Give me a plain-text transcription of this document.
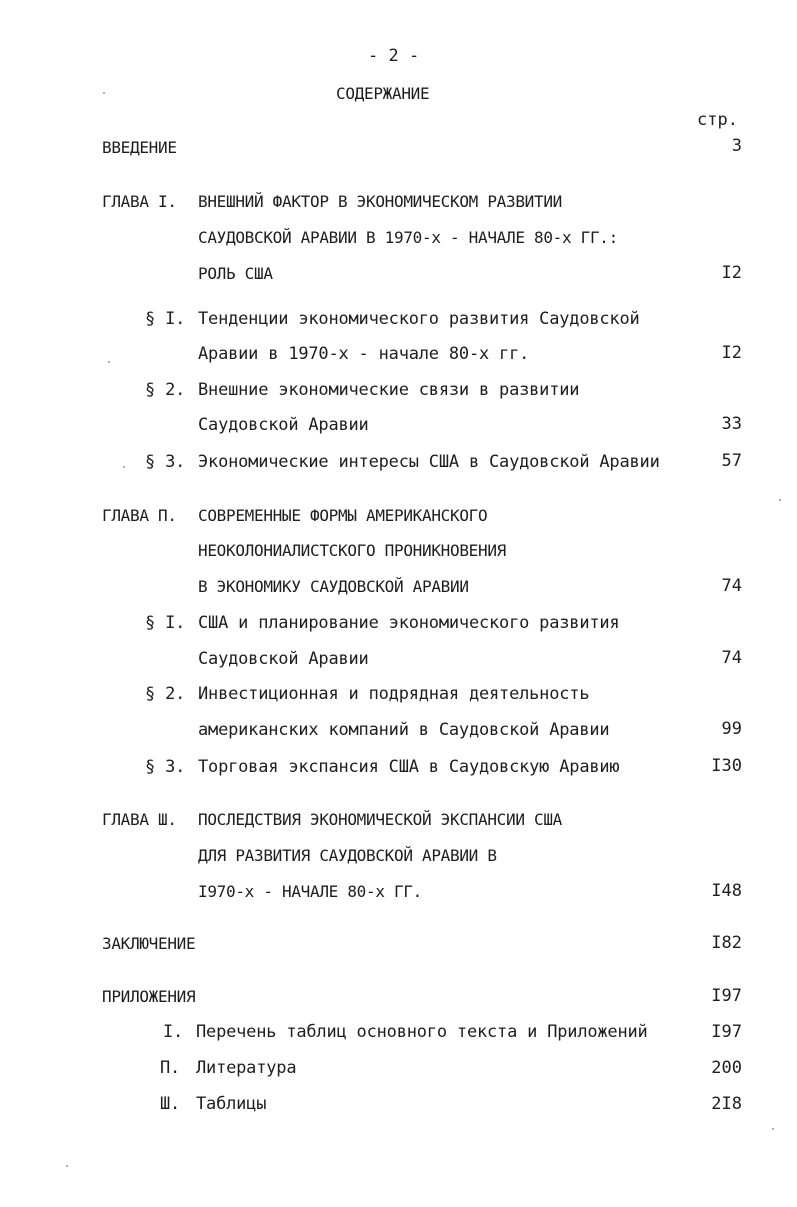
- 2 -
СОДЕРЖАНИЕ
стр.
ВВЕДЕНИЕ	3
ГЛАВА I. ВНЕШНИЙ ФАКТОР В ЭКОНОМИЧЕСКОМ РАЗВИТИИ
САУДОВСКОЙ АРАВИИ В 1970-х - НАЧАЛЕ 80-х ГГ.:
РОЛЬ США	I2
§ I. Тенденции экономического развития Саудовской
Аравии в 1970-х - начале 80-х гг.	I2
§ 2. Внешние экономические связи в развитии
Саудовской Аравии	33
§ 3. Экономические интересы США в Саудовской Аравии	57
ГЛАВА П. СОВРЕМЕННЫЕ ФОРМЫ АМЕРИКАНСКОГО
НЕОКОЛОНИАЛИСТСКОГО ПРОНИКНОВЕНИЯ
В ЭКОНОМИКУ САУДОВСКОЙ АРАВИИ	74
§ I. США и планирование экономического развития
Саудовской Аравии	74
§ 2. Инвестиционная и подрядная деятельность
американских компаний в Саудовской Аравии	99
§ 3. Торговая экспансия США в Саудовскую Аравию	I30
ГЛАВА Ш. ПОСЛЕДСТВИЯ ЭКОНОМИЧЕСКОЙ ЭКСПАНСИИ США
ДЛЯ РАЗВИТИЯ САУДОВСКОЙ АРАВИИ В
I970-х - НАЧАЛЕ 80-х ГГ.	I48
ЗАКЛЮЧЕНИЕ	I82
ПРИЛОЖЕНИЯ	I97
I. Перечень таблиц основного текста и Приложений	I97
П. Литература	200
Ш. Таблицы	2I8
